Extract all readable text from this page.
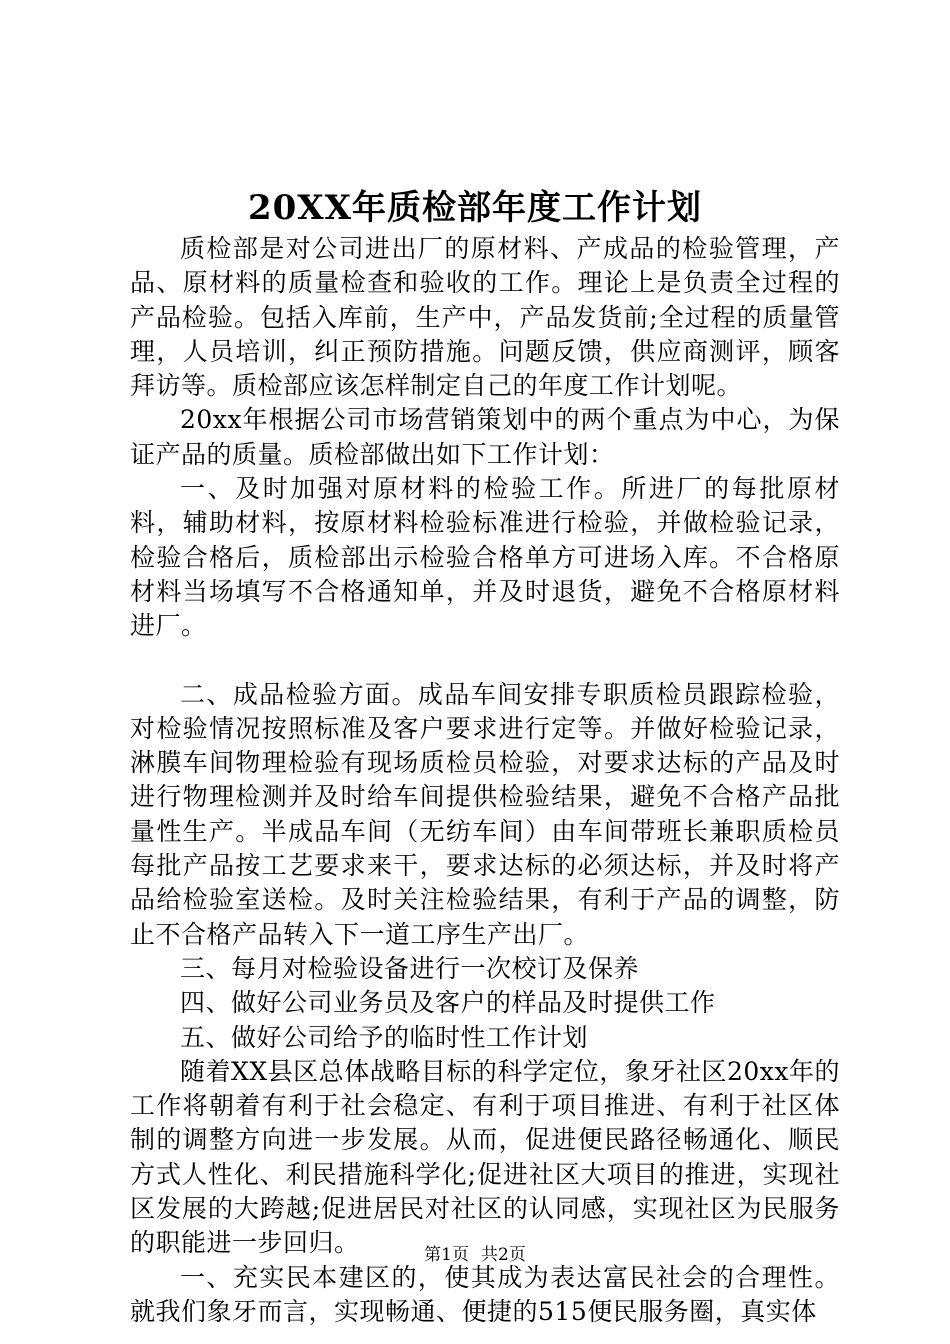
20XX年质检部年度工作计划

质检部是对公司进出厂的原材料、产成品的检验管理，产品、原材料的质量检查和验收的工作。理论上是负责全过程的产品检验。包括入库前，生产中，产品发货前;全过程的质量管理，人员培训，纠正预防措施。问题反馈，供应商测评，顾客拜访等。质检部应该怎样制定自己的年度工作计划呢。

20xx年根据公司市场营销策划中的两个重点为中心，为保证产品的质量。质检部做出如下工作计划：

一、及时加强对原材料的检验工作。所进厂的每批原材料，辅助材料，按原材料检验标准进行检验，并做检验记录，检验合格后，质检部出示检验合格单方可进场入库。不合格原材料当场填写不合格通知单，并及时退货，避免不合格原材料进厂。

二、成品检验方面。成品车间安排专职质检员跟踪检验，对检验情况按照标准及客户要求进行定等。并做好检验记录，淋膜车间物理检验有现场质检员检验，对要求达标的产品及时进行物理检测并及时给车间提供检验结果，避免不合格产品批量性生产。半成品车间（无纺车间）由车间带班长兼职质检员每批产品按工艺要求来干，要求达标的必须达标，并及时将产品给检验室送检。及时关注检验结果，有利于产品的调整，防止不合格产品转入下一道工序生产出厂。

三、每月对检验设备进行一次校订及保养

四、做好公司业务员及客户的样品及时提供工作

五、做好公司给予的临时性工作计划

随着XX县区总体战略目标的科学定位，象牙社区20xx年的工作将朝着有利于社会稳定、有利于项目推进、有利于社区体制的调整方向进一步发展。从而，促进便民路径畅通化、顺民方式人性化、利民措施科学化;促进社区大项目的推进，实现社区发展的大跨越;促进居民对社区的认同感，实现社区为民服务的职能进一步回归。

一、充实民本建区的，使其成为表达富民社会的合理性。就我们象牙而言，实现畅通、便捷的515便民服务圈，真实体

第1页 共2页
